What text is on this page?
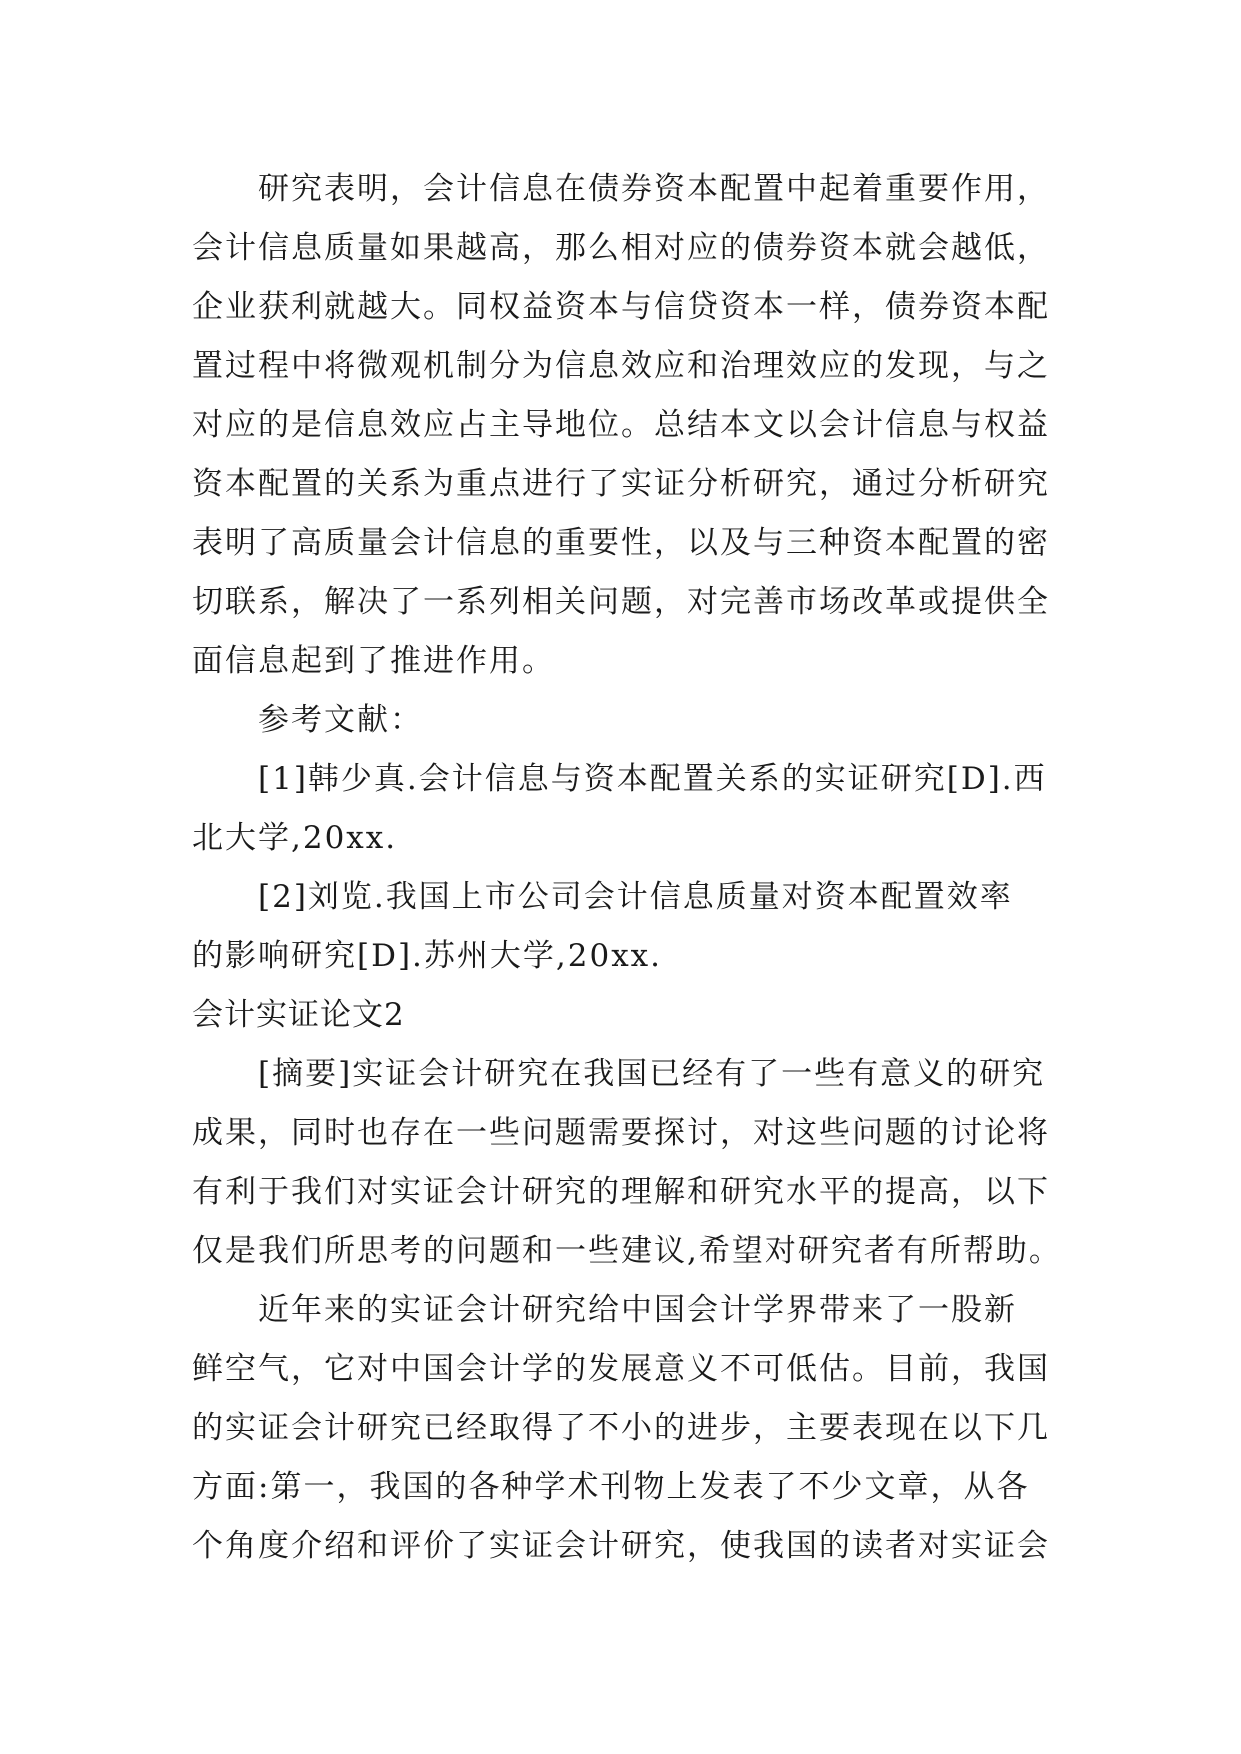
研究表明，会计信息在债券资本配置中起着重要作用，
会计信息质量如果越高，那么相对应的债券资本就会越低，
企业获利就越大。同权益资本与信贷资本一样，债券资本配
置过程中将微观机制分为信息效应和治理效应的发现，与之
对应的是信息效应占主导地位。总结本文以会计信息与权益
资本配置的关系为重点进行了实证分析研究，通过分析研究
表明了高质量会计信息的重要性，以及与三种资本配置的密
切联系，解决了一系列相关问题，对完善市场改革或提供全
面信息起到了推进作用。
参考文献：
[1]韩少真.会计信息与资本配置关系的实证研究[D].西
北大学,20xx.
[2]刘览.我国上市公司会计信息质量对资本配置效率
的影响研究[D].苏州大学,20xx.
会计实证论文2
[摘要]实证会计研究在我国已经有了一些有意义的研究
成果，同时也存在一些问题需要探讨，对这些问题的讨论将
有利于我们对实证会计研究的理解和研究水平的提高，以下
仅是我们所思考的问题和一些建议,希望对研究者有所帮助。
近年来的实证会计研究给中国会计学界带来了一股新
鲜空气，它对中国会计学的发展意义不可低估。目前，我国
的实证会计研究已经取得了不小的进步，主要表现在以下几
方面:第一，我国的各种学术刊物上发表了不少文章，从各
个角度介绍和评价了实证会计研究，使我国的读者对实证会
